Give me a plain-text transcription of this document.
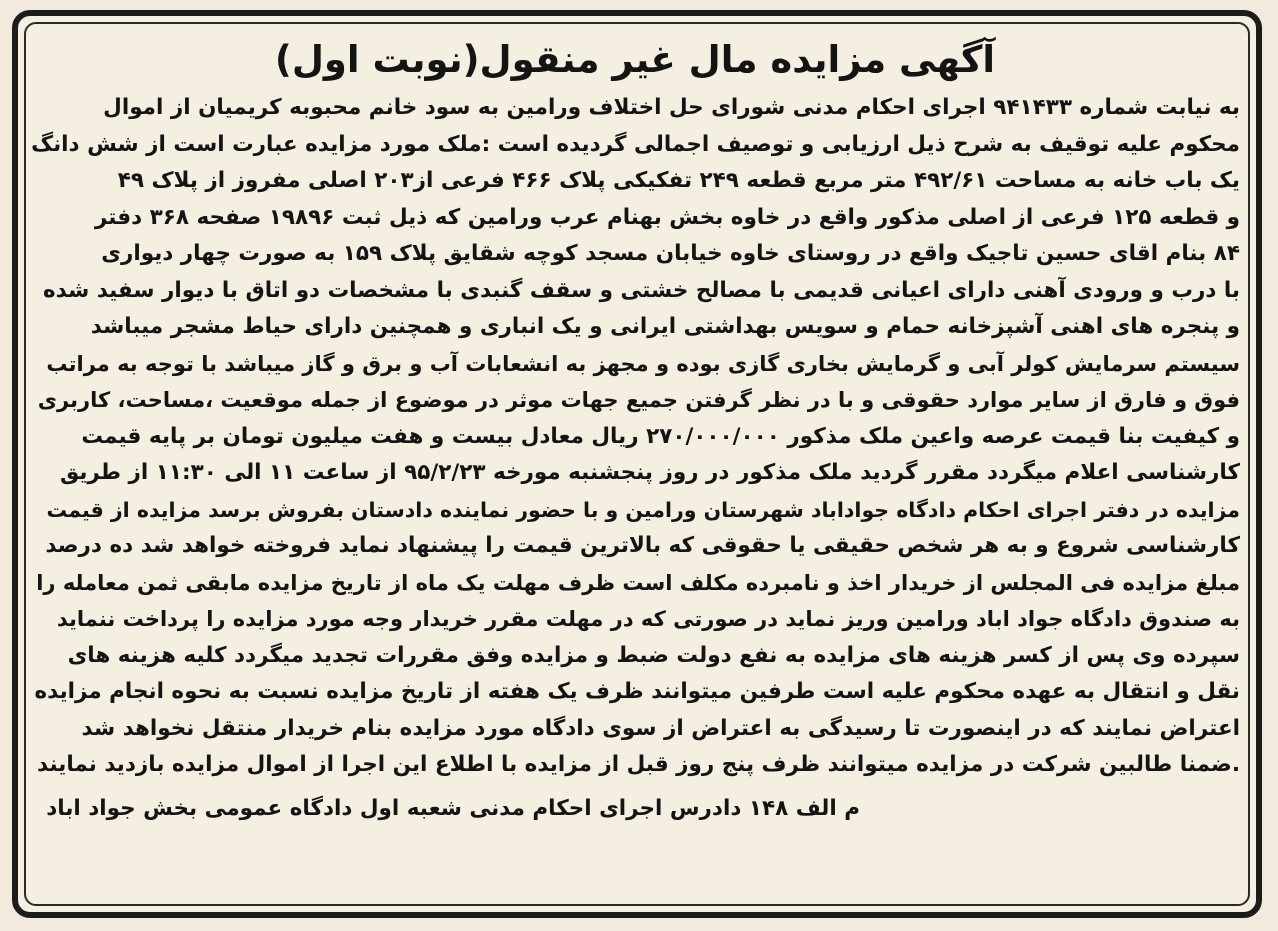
آگهی مزایده مال غیر منقول(نوبت اول)
به نیابت شماره ۹۴۱۴۳۳ اجرای احکام مدنی شورای حل اختلاف ورامین به سود خانم محبوبه کریمیان از اموال
محکوم علیه توقیف به شرح ذیل ارزیابی و توصیف اجمالی گردیده است :ملک مورد مزایده عبارت است از شش دانگ
یک باب خانه به مساحت ۴۹۲/۶۱ متر مربع قطعه ۲۴۹ تفکیکی پلاک ۴۶۶ فرعی از۲۰۳ اصلی مفروز از پلاک ۴۹
و قطعه ۱۲۵ فرعی از اصلی مذکور واقع در خاوه بخش بهنام عرب ورامین که ذیل ثبت ۱۹۸۹۶ صفحه ۳۶۸ دفتر
۸۴ بنام اقای حسین تاجیک واقع در روستای خاوه خیابان مسجد کوچه شقایق پلاک ۱۵۹ به صورت چهار دیواری
با درب و ورودی آهنی دارای اعیانی قدیمی با مصالح خشتی و سقف گنبدی با مشخصات دو اتاق با دیوار سفید شده
و پنجره های اهنی آشپزخانه حمام و سویس بهداشتی ایرانی و یک انباری و همچنین دارای حیاط مشجر میباشد
سیستم سرمایش کولر آبی و گرمایش بخاری گازی بوده و مجهز به انشعابات آب و برق و گاز میباشد با توجه به مراتب
فوق و فارق از سایر موارد حقوقی و با در نظر گرفتن جمیع جهات موثر در موضوع از جمله موقعیت ،مساحت، کاربری
و کیفیت بنا قیمت عرصه واعین ملک مذکور ۲۷۰/۰۰۰/۰۰۰ ریال معادل بیست و هفت میلیون تومان بر پایه قیمت
کارشناسی اعلام میگردد مقرر گردید ملک مذکور در روز پنجشنبه مورخه ۹۵/۲/۲۳ از ساعت ۱۱ الی ۱۱:۳۰ از طریق
مزایده در دفتر اجرای احکام دادگاه جواداباد شهرستان ورامین و با حضور نماینده دادستان بفروش برسد مزایده از قیمت
کارشناسی شروع و به هر شخص حقیقی یا حقوقی که بالاترین قیمت را پیشنهاد نماید فروخته خواهد شد ده درصد
مبلغ مزایده فی المجلس از خریدار اخذ و نامبرده مکلف است ظرف مهلت یک ماه از تاریخ مزایده مابقی ثمن معامله را
به صندوق دادگاه جواد اباد ورامین وریز نماید در صورتی که در مهلت مقرر خریدار وجه مورد مزایده را پرداخت ننماید
سپرده وی پس از کسر هزینه های مزایده به نفع دولت ضبط و مزایده وفق مقررات تجدید میگردد کلیه هزینه های
نقل و انتقال به عهده محکوم علیه است طرفین میتوانند ظرف یک هفته از تاریخ مزایده نسبت به نحوه انجام مزایده
اعتراض نمایند که در اینصورت تا رسیدگی به اعتراض از سوی دادگاه مورد مزایده بنام خریدار منتقل نخواهد شد
.ضمنا طالبین شرکت در مزایده میتوانند ظرف پنج روز قبل از مزایده با اطلاع این اجرا از اموال مزایده بازدید نمایند
م الف ۱۴۸ دادرس اجرای احکام مدنی شعبه اول دادگاه عمومی بخش جواد اباد
